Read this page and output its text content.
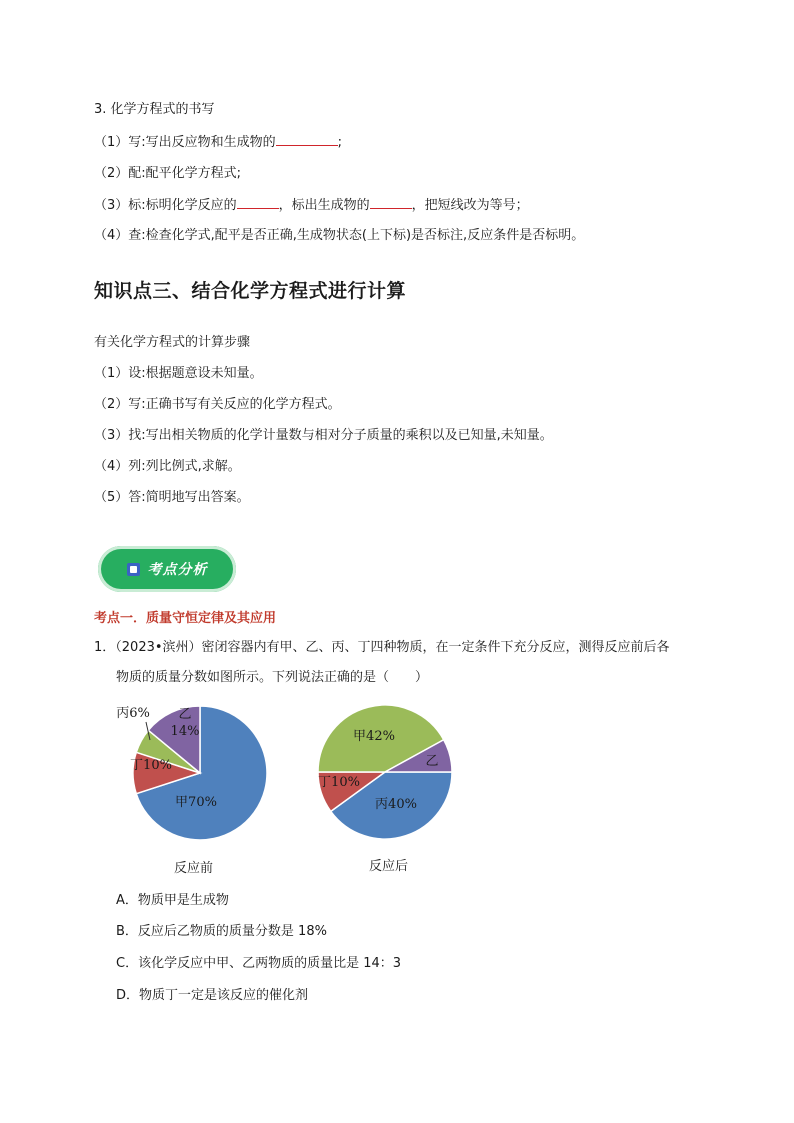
3. 化学方程式的书写
（1）写:写出反应物和生成物的	;
（2）配:配平化学方程式;
（3）标:标明化学反应的	，标出生成物的	，把短线改为等号；
（4）查:检查化学式,配平是否正确,生成物状态(上下标)是否标注,反应条件是否标明。
知识点三、结合化学方程式进行计算
有关化学方程式的计算步骤
（1）设:根据题意设未知量。
（2）写:正确书写有关反应的化学方程式。
（3）找:写出相关物质的化学计量数与相对分子质量的乘积以及已知量,未知量。
（4）列:列比例式,求解。
（5）答:简明地写出答案。
考点分析
考点一．质量守恒定律及其应用
1．（2023•滨州）密闭容器内有甲、乙、丙、丁四种物质，在一定条件下充分反应，测得反应前后各
物质的质量分数如图所示。下列说法正确的是（　　）
甲70%
丁10%
丙6%	乙 14%
丙40%
丁10%
甲42%
乙
反应前	反应后
A．物质甲是生成物
B．反应后乙物质的质量分数是 18%
C．该化学反应中甲、乙两物质的质量比是 14：3
D．物质丁一定是该反应的催化剂
